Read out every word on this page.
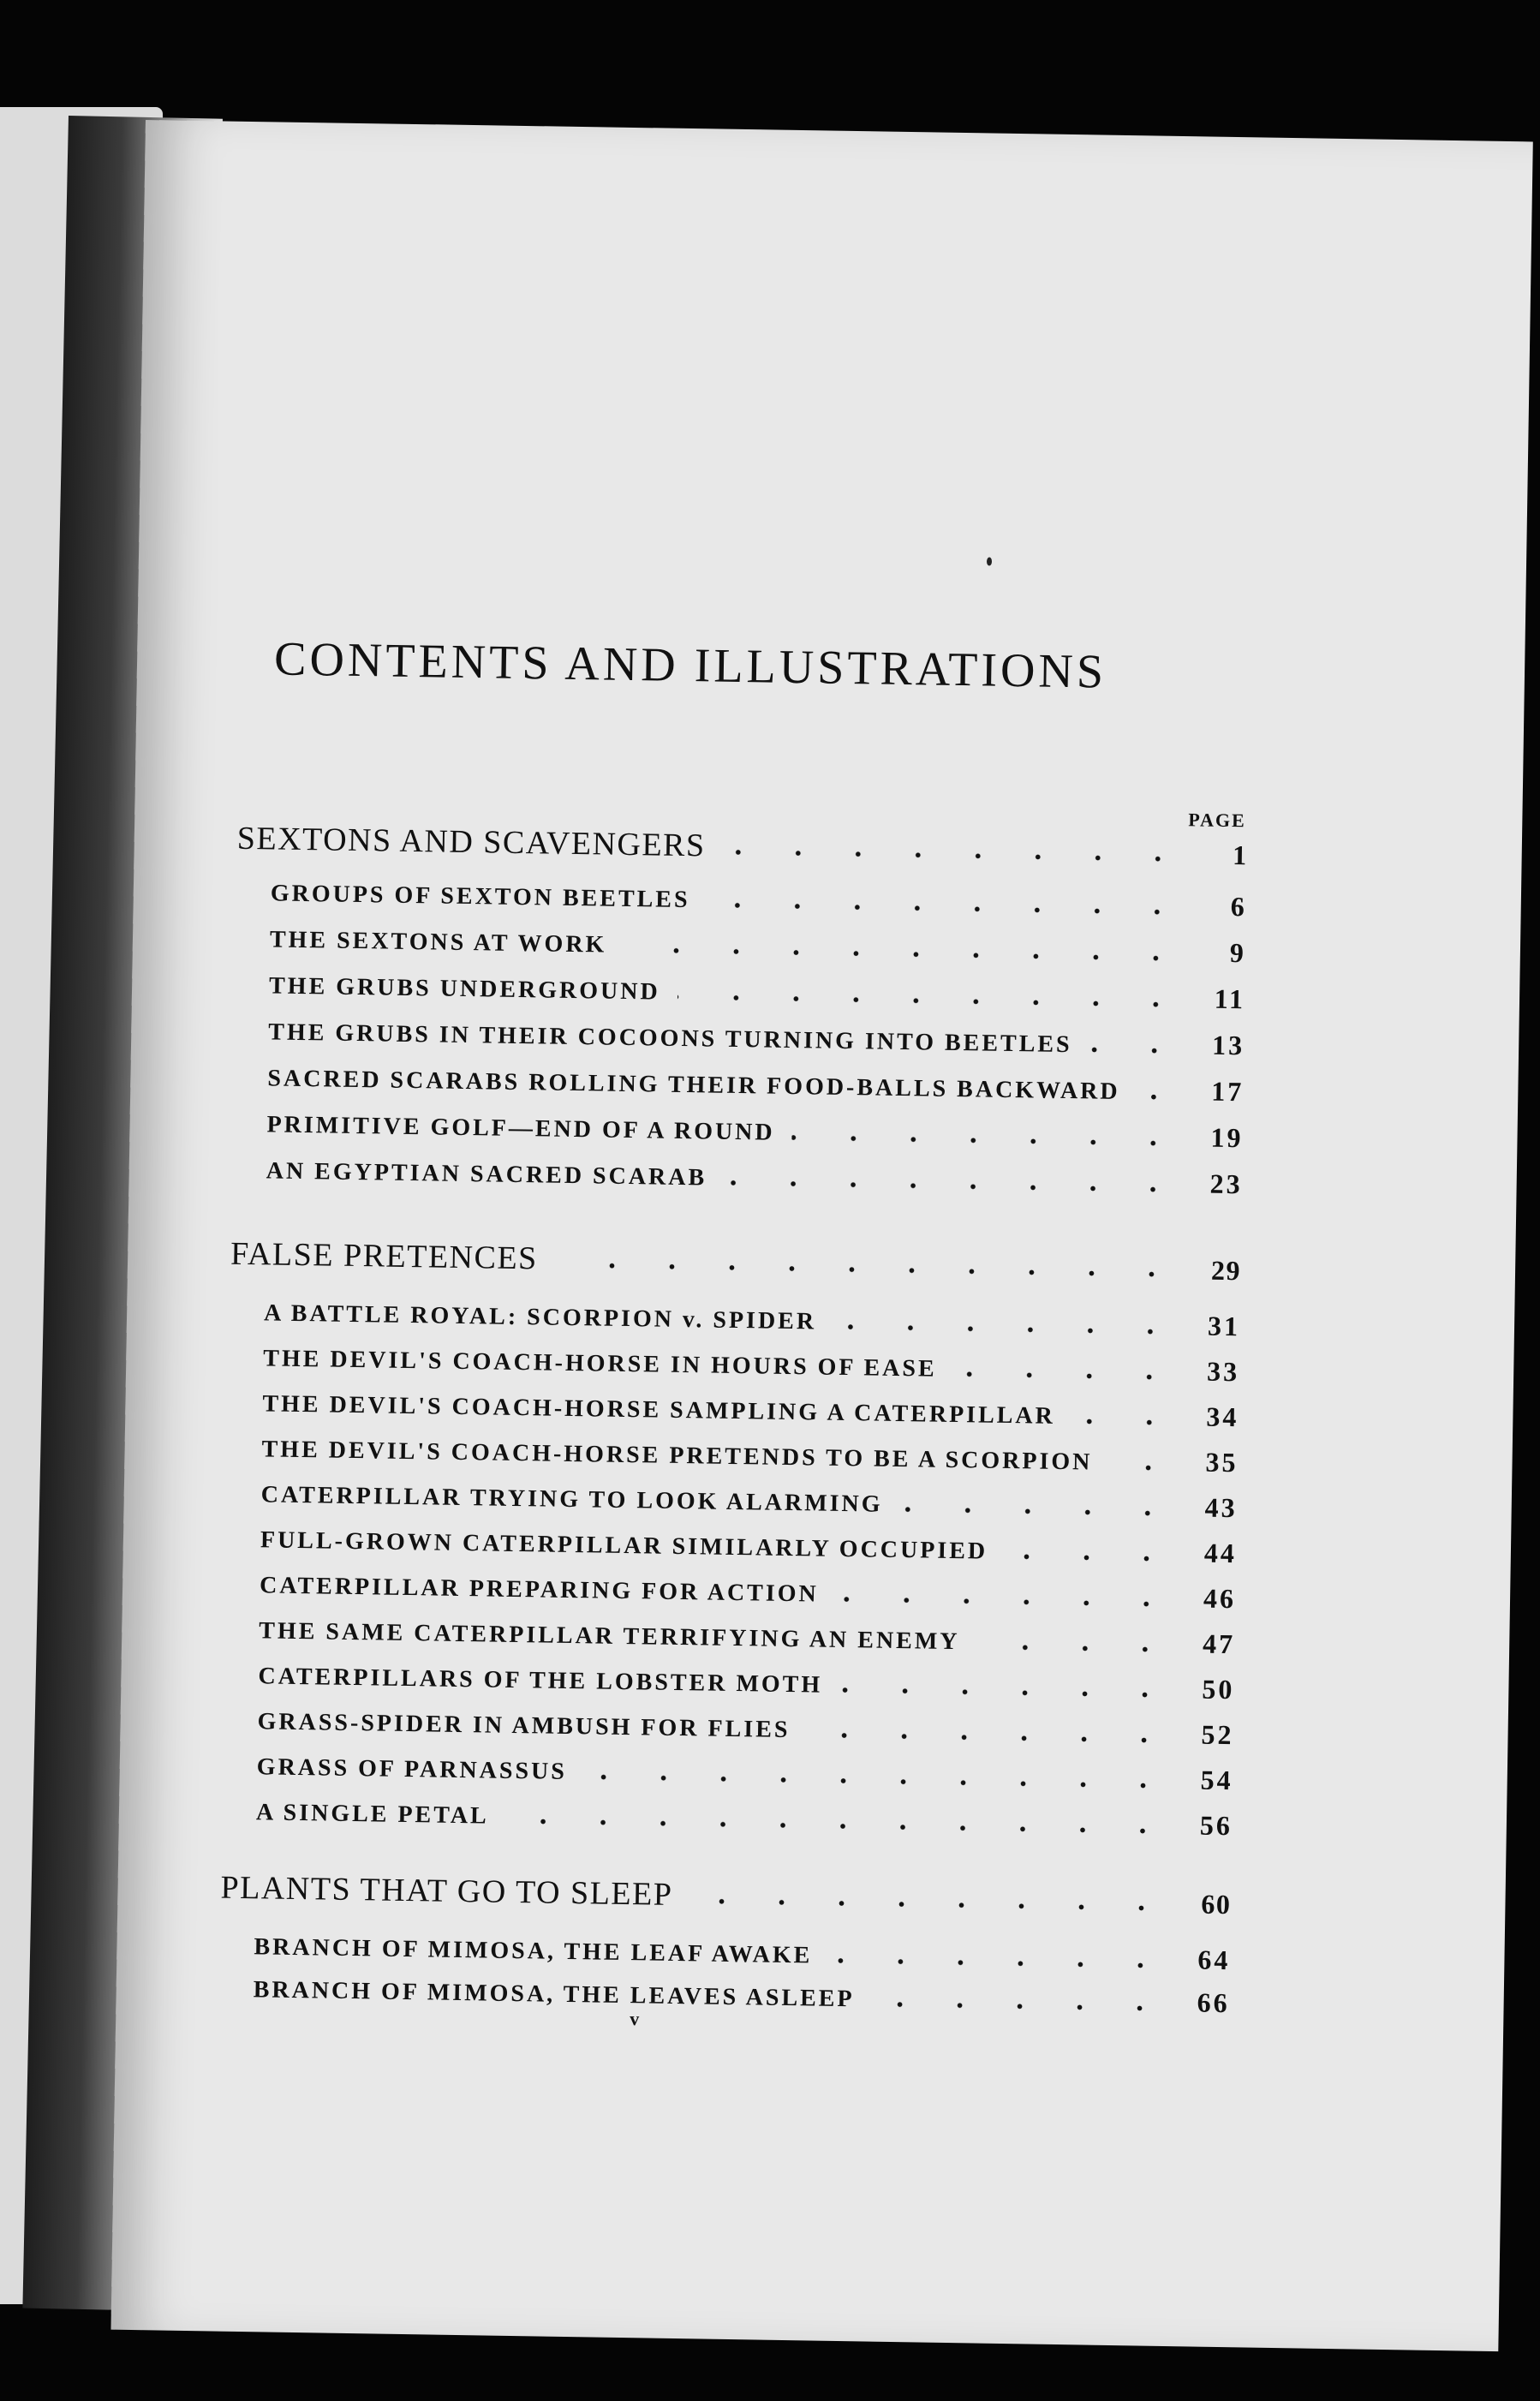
CONTENTS AND ILLUSTRATIONS
PAGE
SEXTONS AND SCAVENGERS	1
GROUPS OF SEXTON BEETLES	6
THE SEXTONS AT WORK	9
THE GRUBS UNDERGROUND	11
THE GRUBS IN THEIR COCOONS TURNING INTO BEETLES	13
SACRED SCARABS ROLLING THEIR FOOD-BALLS BACKWARD	17
PRIMITIVE GOLF—END OF A ROUND	19
AN EGYPTIAN SACRED SCARAB	23
FALSE PRETENCES	29
A BATTLE ROYAL: SCORPION v. SPIDER	31
THE DEVIL'S COACH-HORSE IN HOURS OF EASE	33
THE DEVIL'S COACH-HORSE SAMPLING A CATERPILLAR	34
THE DEVIL'S COACH-HORSE PRETENDS TO BE A SCORPION	35
CATERPILLAR TRYING TO LOOK ALARMING	43
FULL-GROWN CATERPILLAR SIMILARLY OCCUPIED	44
CATERPILLAR PREPARING FOR ACTION	46
THE SAME CATERPILLAR TERRIFYING AN ENEMY	47
CATERPILLARS OF THE LOBSTER MOTH	50
GRASS-SPIDER IN AMBUSH FOR FLIES	52
GRASS OF PARNASSUS	54
A SINGLE PETAL	56
PLANTS THAT GO TO SLEEP	60
BRANCH OF MIMOSA, THE LEAF AWAKE	64
BRANCH OF MIMOSA, THE LEAVES ASLEEP	66
v
